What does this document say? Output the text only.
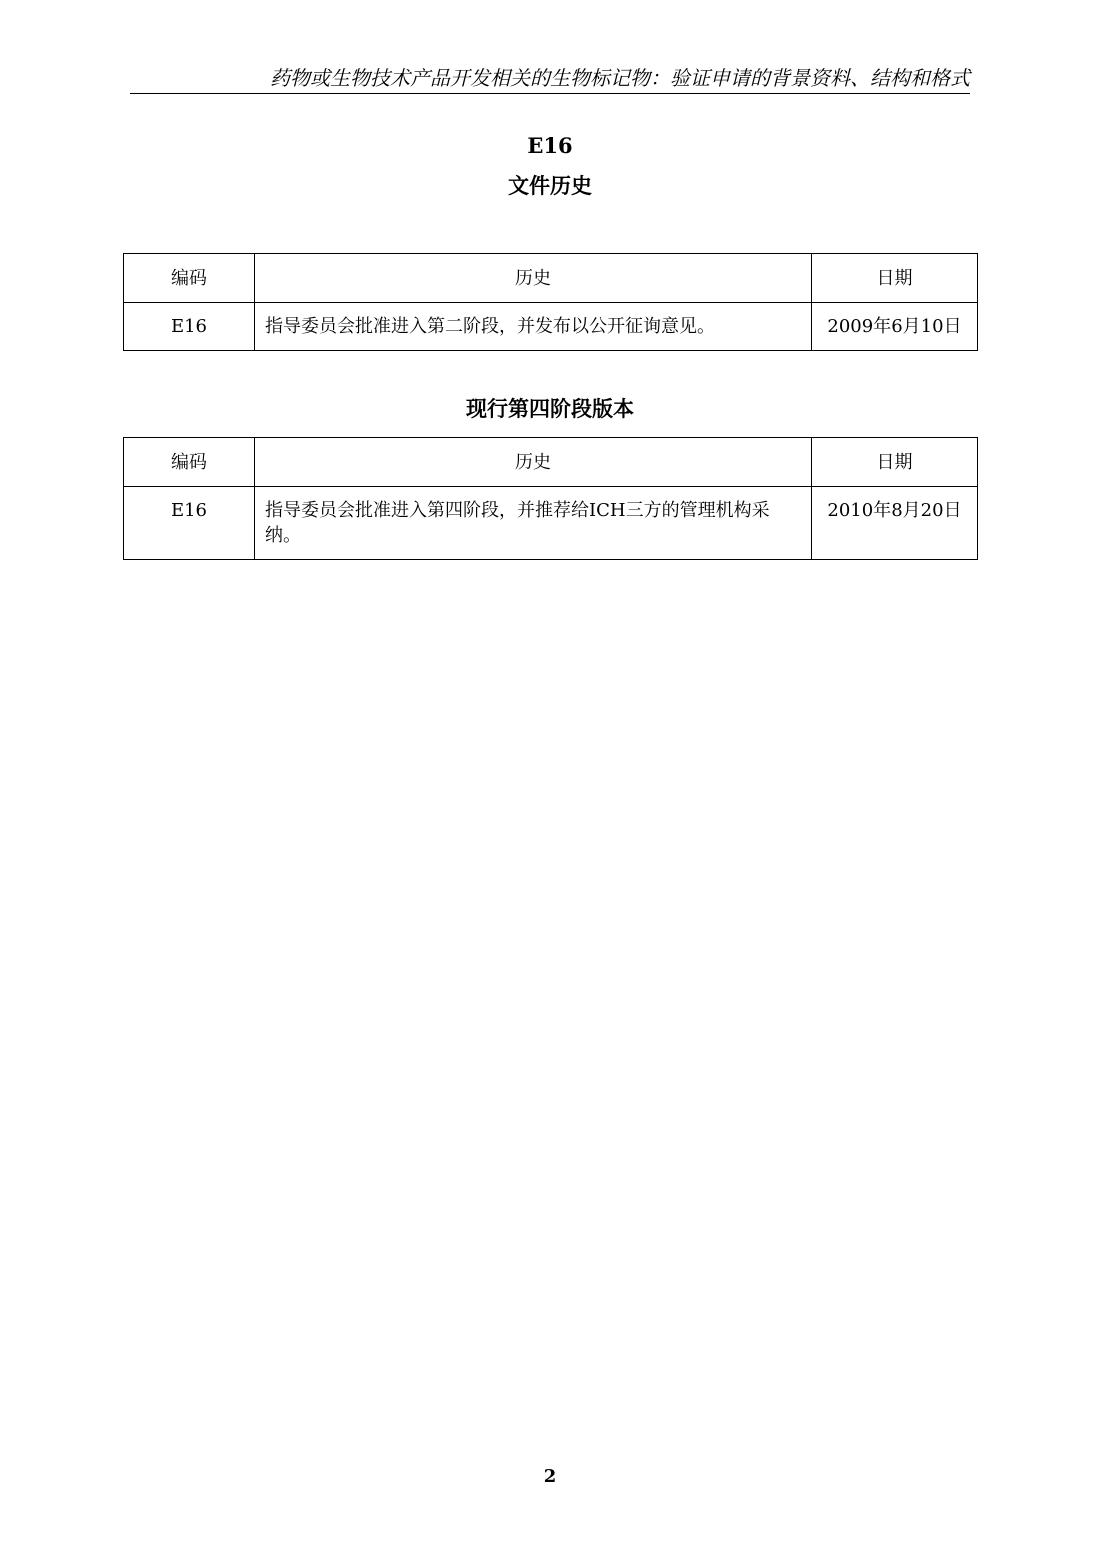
药物或生物技术产品开发相关的生物标记物：验证申请的背景资料、结构和格式
E16
文件历史
编码	历史	日期
E16	指导委员会批准进入第二阶段，并发布以公开征询意见。	2009年6月10日
现行第四阶段版本
编码	历史	日期
E16	指导委员会批准进入第四阶段，并推荐给ICH三方的管理机构采纳。	2010年8月20日
2
